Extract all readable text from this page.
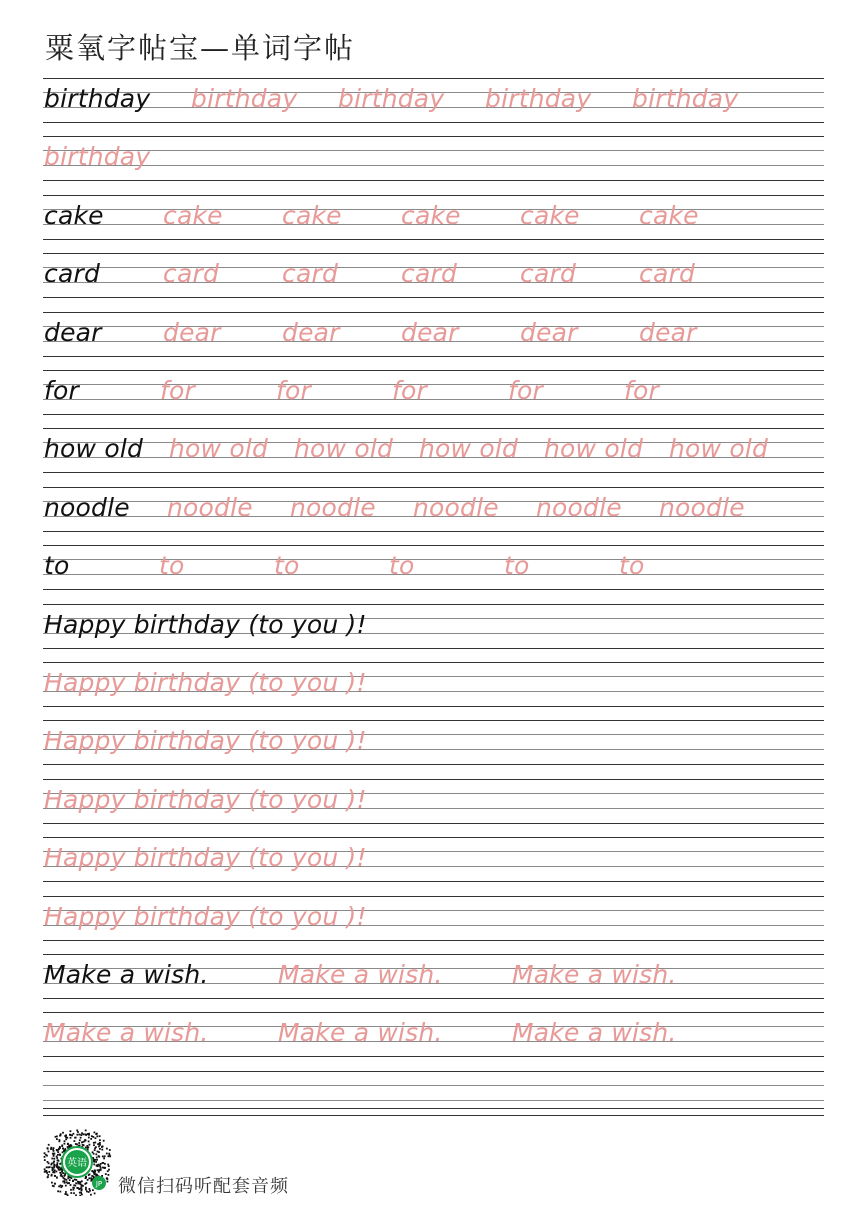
粟氧字帖宝—单词字帖
birthday birthday birthday birthday birthday
birthday
cake cake cake cake cake cake
card	card	card	card	card	card
dear dear dear dear dear dear
for	for	for	for	for	for
how old how old how old how old how old how old
noodle noodle noodle noodle noodle noodle
to	to	to	to	to	to
Happy birthday (to you )!
Happy birthday (to you )!
Happy birthday (to you )!
Happy birthday (to you )!
Happy birthday (to you )!
Happy birthday (to you )!
Make a wish.	Make a wish.	Make a wish.
Make a wish.	Make a wish.	Make a wish.
英语
JP 微信扫码听配套音频
